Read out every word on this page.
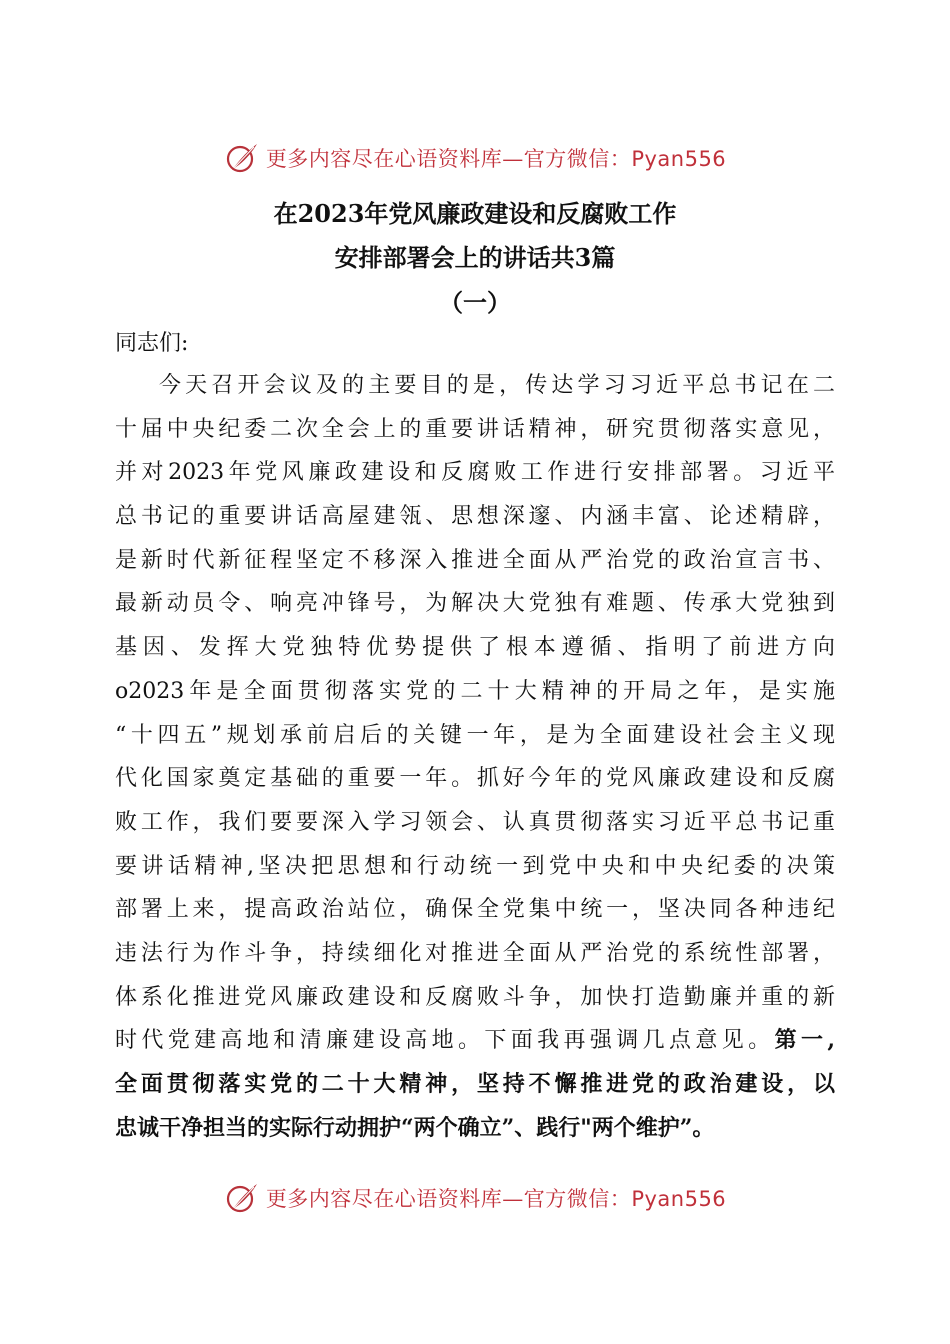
更多内容尽在心语资料库—官方微信：Pyan556
在2023年党风廉政建设和反腐败工作
安排部署会上的讲话共3篇
（一）
同志们:
今天召开会议及的主要目的是，传达学习习近平总书记在二
十届中央纪委二次全会上的重要讲话精神，研究贯彻落实意见，
并对2023年党风廉政建设和反腐败工作进行安排部署。习近平
总书记的重要讲话高屋建瓴、思想深邃、内涵丰富、论述精辟，
是新时代新征程坚定不移深入推进全面从严治党的政治宣言书、
最新动员令、响亮冲锋号，为解决大党独有难题、传承大党独到
基因、发挥大党独特优势提供了根本遵循、指明了前进方向
o2023年是全面贯彻落实党的二十大精神的开局之年，是实施
“十四五”规划承前启后的关键一年，是为全面建设社会主义现
代化国家奠定基础的重要一年。抓好今年的党风廉政建设和反腐
败工作，我们要要深入学习领会、认真贯彻落实习近平总书记重
要讲话精神,坚决把思想和行动统一到党中央和中央纪委的决策
部署上来，提高政治站位，确保全党集中统一，坚决同各种违纪
违法行为作斗争，持续细化对推进全面从严治党的系统性部署，
体系化推进党风廉政建设和反腐败斗争，加快打造勤廉并重的新
时代党建高地和清廉建设高地。下面我再强调几点意见。第一,
全面贯彻落实党的二十大精神，坚持不懈推进党的政治建设，以
忠诚干净担当的实际行动拥护“两个确立”、践行"两个维护”。
更多内容尽在心语资料库—官方微信：Pyan556
